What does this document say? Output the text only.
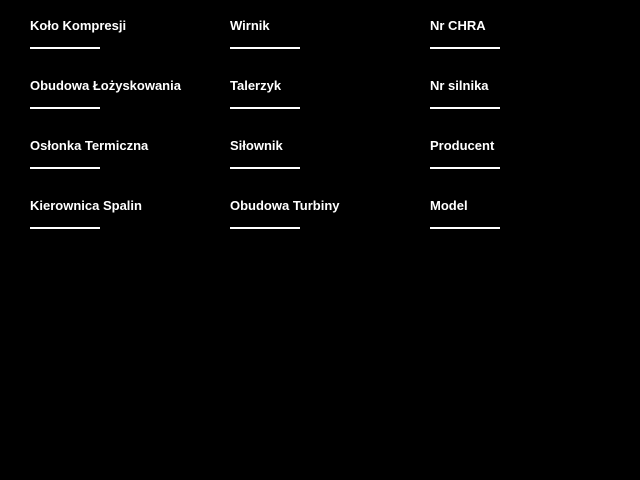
Koło Kompresji
Obudowa Łożyskowania
Osłonka Termiczna
Kierownica Spalin
Wirnik
Talerzyk
Siłownik
Obudowa Turbiny
Nr CHRA
Nr silnika
Producent
Model
